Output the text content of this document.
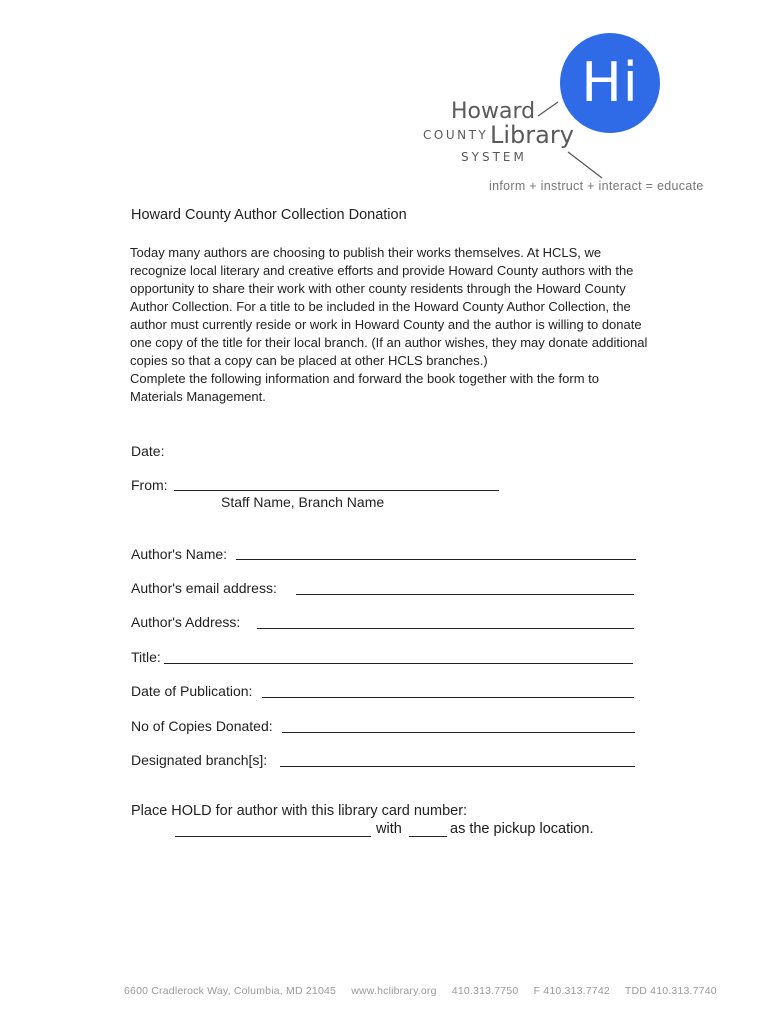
Hi
Howard
COUNTY Library
SYSTEM
inform + instruct + interact = educate
Howard County Author Collection Donation

Today many authors are choosing to publish their works themselves. At HCLS, we recognize local literary and creative efforts and provide Howard County authors with the opportunity to share their work with other county residents through the Howard County Author Collection. For a title to be included in the Howard County Author Collection, the author must currently reside or work in Howard County and the author is willing to donate one copy of the title for their local branch. (If an author wishes, they may donate additional copies so that a copy can be placed at other HCLS branches.)

Complete the following information and forward the book together with the form to Materials Management.

Date:
From:
Staff Name, Branch Name
Author's Name:
Author's email address:
Author's Address:
Title:
Date of Publication:
No of Copies Donated:
Designated branch[s]:
Place HOLD for author with this library card number:
with	as the pickup location.
6600 Cradlerock Way, Columbia, MD 21045 www.hclibrary.org 410.313.7750 F 410.313.7742 TDD 410.313.7740
